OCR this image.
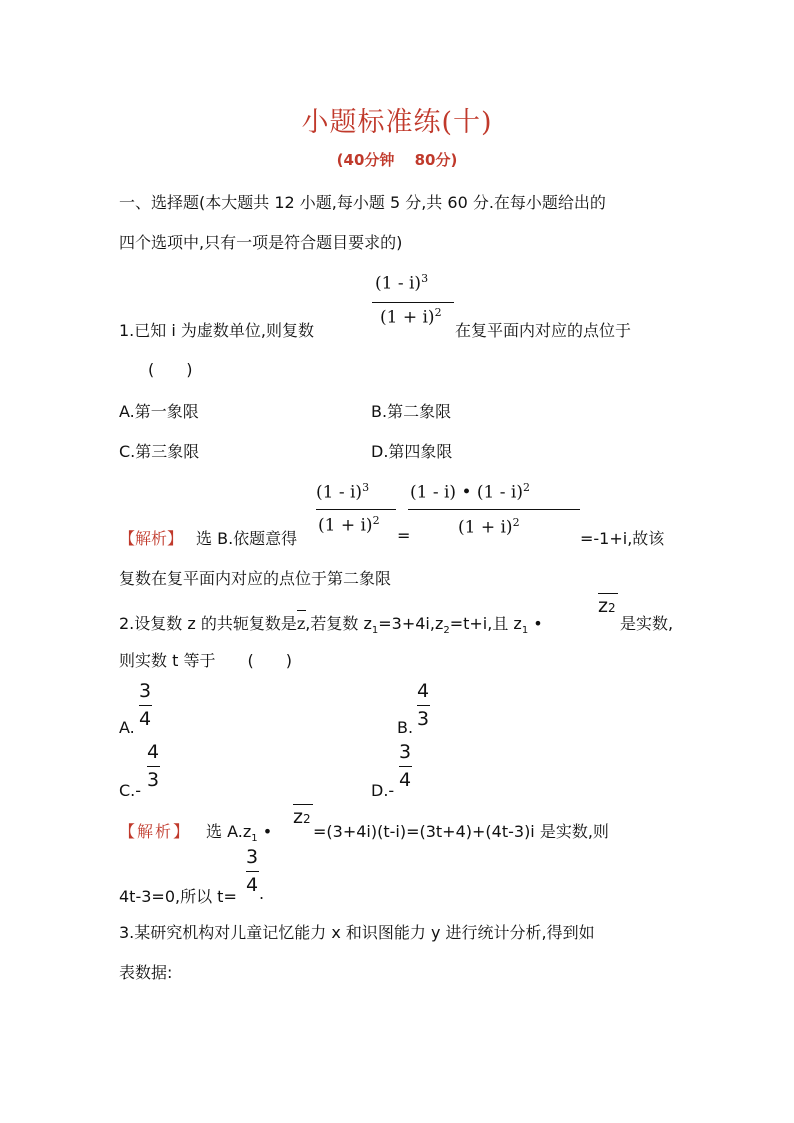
小题标准练(十)
(40分钟　 80分)
一、选择题(本大题共 12 小题,每小题 5 分,共 60 分.在每小题给出的
四个选项中,只有一项是符合题目要求的)
(1 - i)$^3$
$(1 + i)^2$
1.已知 i 为虚数单位,则复数	在复平面内对应的点位于
(　　)
A.第一象限	B.第二象限
C.第三象限	D.第四象限
(1 - i)$^3$
$(1 + i)^2$
(1 - i) • (1 - i)$^2$
$(1 + i)^2$
【解析】 选 B.依题意得	=	=-1+i,故该
复数在复平面内对应的点位于第二象限
2.设复数 z 的共轭复数是
z,若复数 $z_1=3+4i,z_2=t+i$,且 $z_1$ •
z2
是实数,
则实数 t 等于　　(　　)
3
4
A.
4
3
B.
4
3
C.-
3
4
D.-
【解析】 选 $A.z_1$ •
z2
=(3+4i)(t-i)=(3t+4)+(4t-3)i 是实数,则
3
4
4t-3=0,所以 t= .
3.某研究机构对儿童记忆能力 x 和识图能力 y 进行统计分析,得到如
表数据:
